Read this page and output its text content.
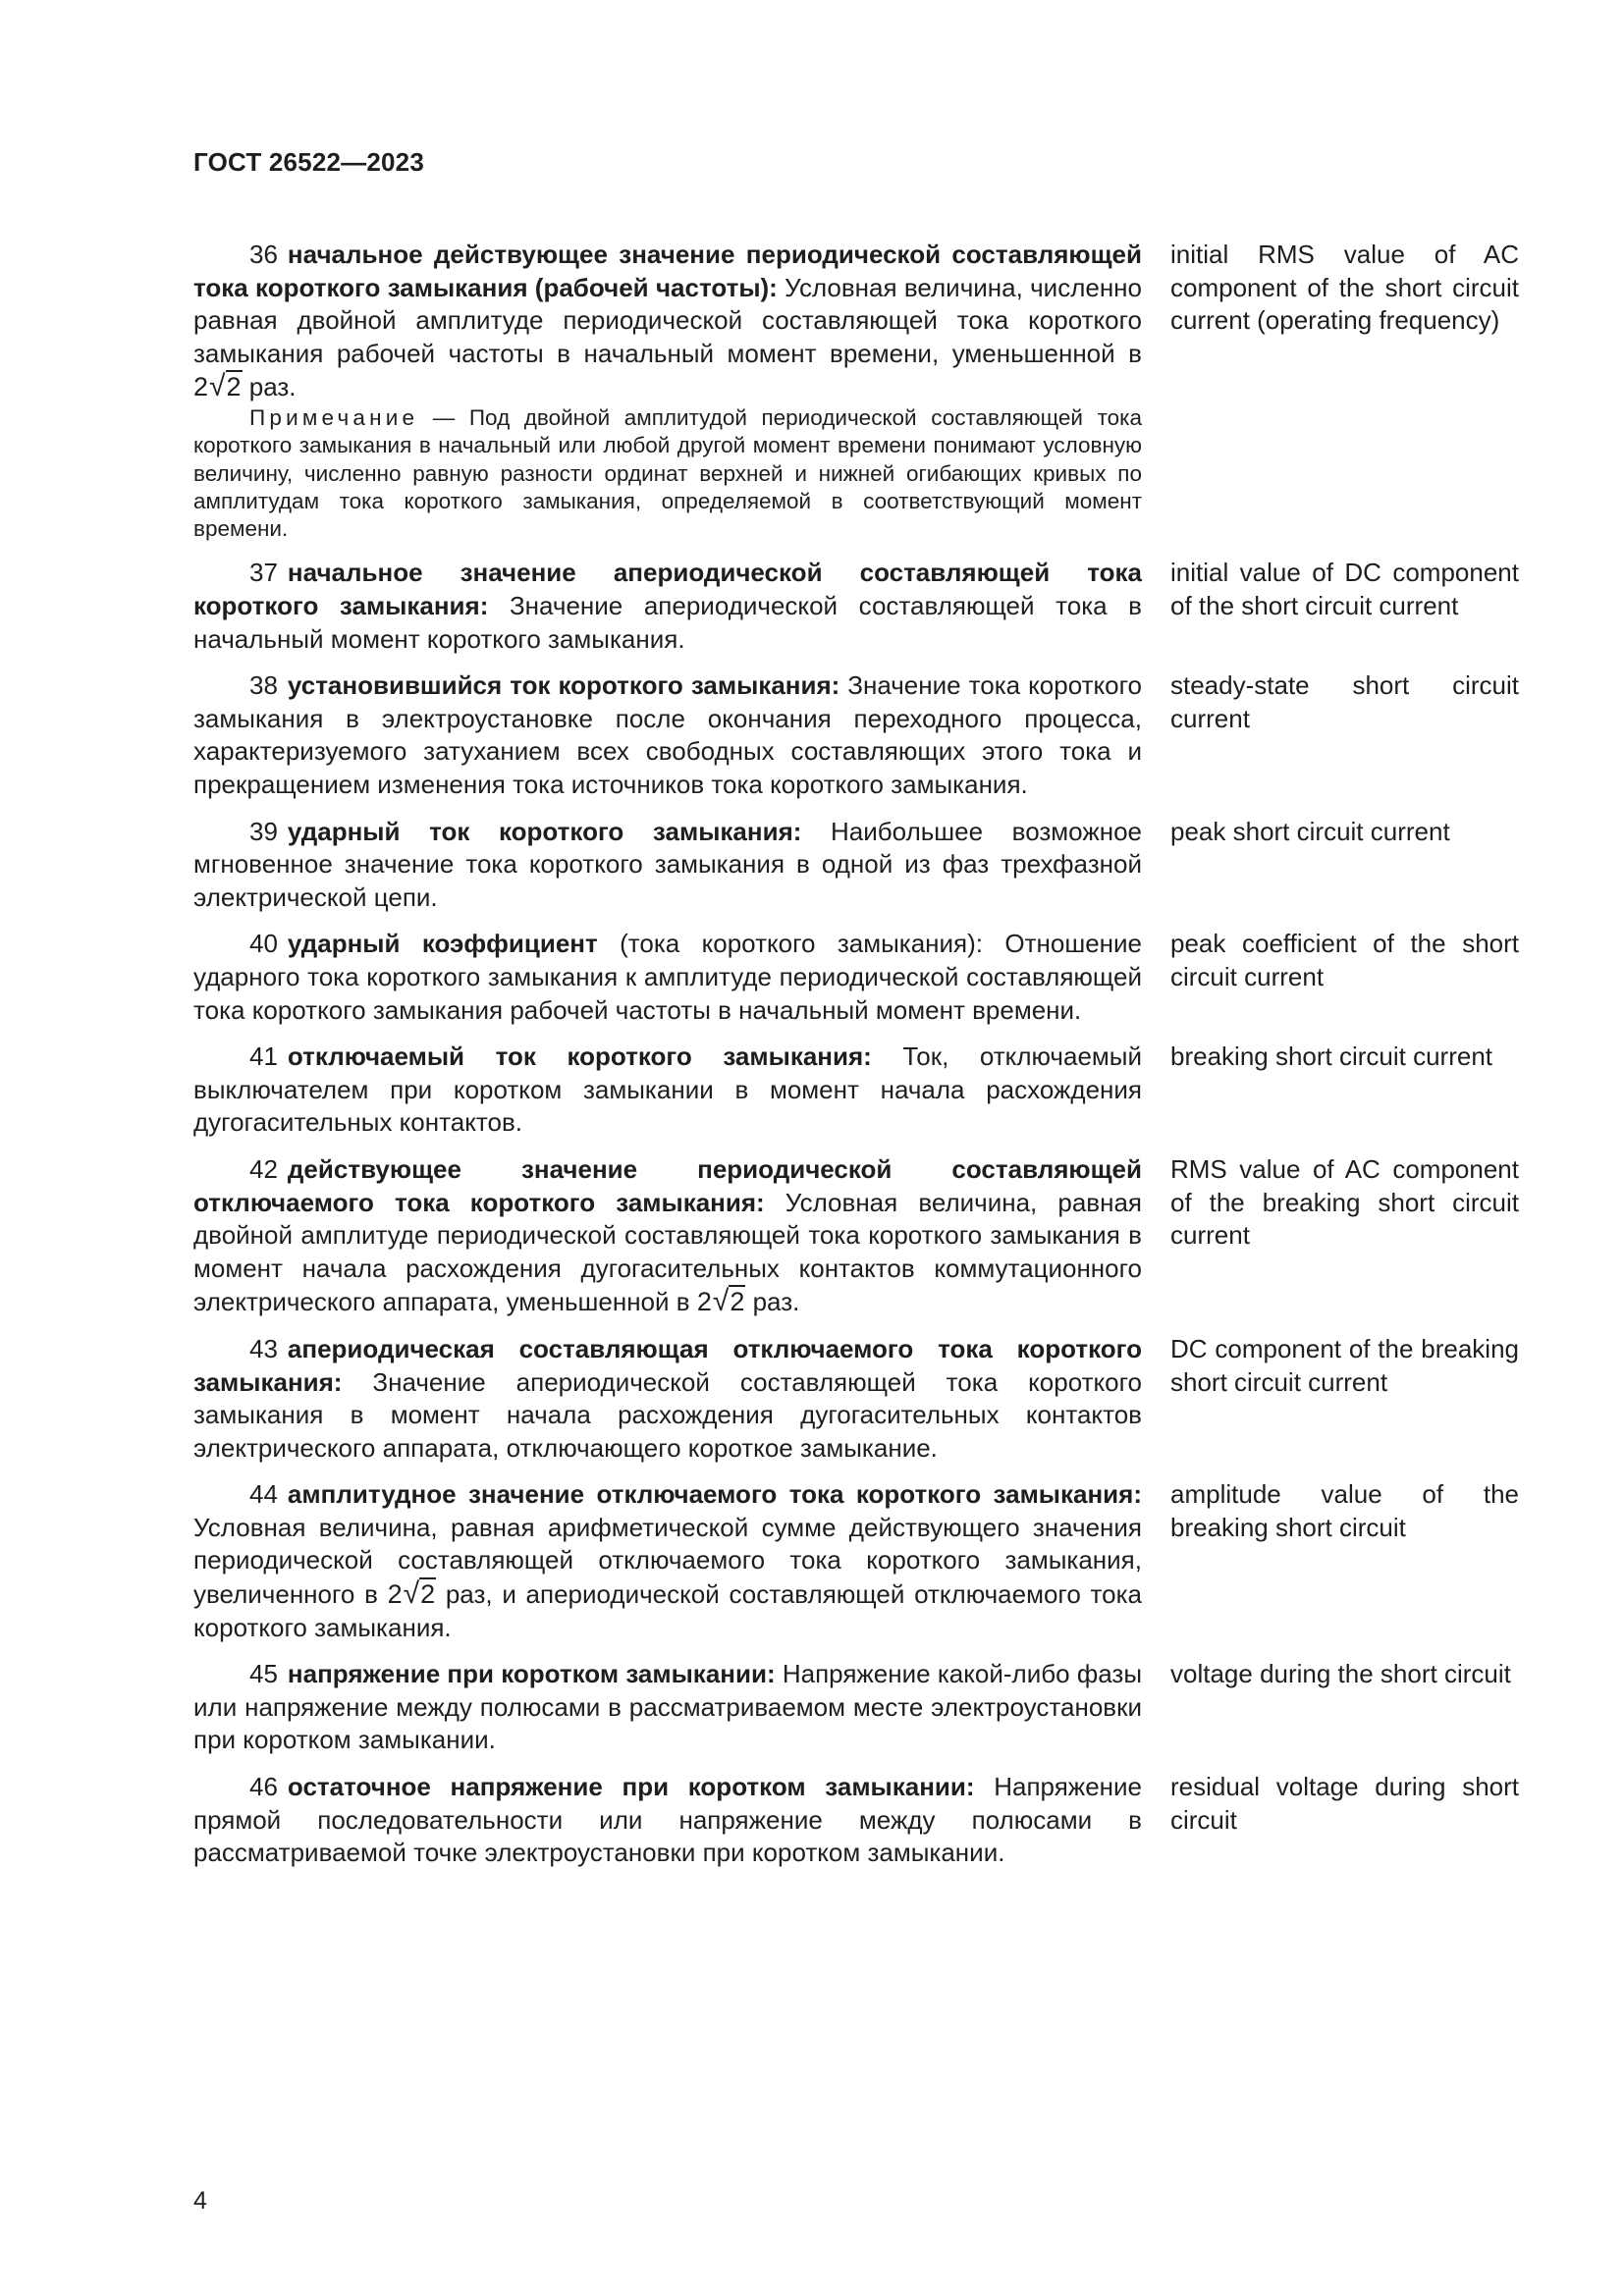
ГОСТ 26522—2023

36 начальное действующее значение периодической составляющей тока короткого замыкания (рабочей частоты): Условная величина, численно равная двойной амплитуде периодической составляющей тока короткого замыкания рабочей частоты в начальный момент времени, уменьшенной в 2√2 раз.

Примечание — Под двойной амплитудой периодической составляющей тока короткого замыкания в начальный или любой другой момент времени понимают условную величину, численно равную разности ординат верхней и нижней огибающих кривых по амплитудам тока короткого замыкания, определяемой в соответствующий момент времени.

initial RMS value of AC component of the short circuit current (operating frequency)

37 начальное значение апериодической составляющей тока короткого замыкания: Значение апериодической составляющей тока в начальный момент короткого замыкания.

initial value of DC component of the short circuit current

38 установившийся ток короткого замыкания: Значение тока короткого замыкания в электроустановке после окончания переходного процесса, характеризуемого затуханием всех свободных составляющих этого тока и прекращением изменения тока источников тока короткого замыкания.

steady-state short circuit current

39 ударный ток короткого замыкания: Наибольшее возможное мгновенное значение тока короткого замыкания в одной из фаз трехфазной электрической цепи.

peak short circuit current

40 ударный коэффициент (тока короткого замыкания): Отношение ударного тока короткого замыкания к амплитуде периодической составляющей тока короткого замыкания рабочей частоты в начальный момент времени.

peak coefficient of the short circuit current

41 отключаемый ток короткого замыкания: Ток, отключаемый выключателем при коротком замыкании в момент начала расхождения дугогасительных контактов.

breaking short circuit current

42 действующее значение периодической составляющей отключаемого тока короткого замыкания: Условная величина, равная двойной амплитуде периодической составляющей тока короткого замыкания в момент начала расхождения дугогасительных контактов коммутационного электрического аппарата, уменьшенной в 2√2 раз.

RMS value of AC component of the breaking short circuit current

43 апериодическая составляющая отключаемого тока короткого замыкания: Значение апериодической составляющей тока короткого замыкания в момент начала расхождения дугогасительных контактов электрического аппарата, отключающего короткое замыкание.

DC component of the breaking short circuit current

44 амплитудное значение отключаемого тока короткого замыкания: Условная величина, равная арифметической сумме действующего значения периодической составляющей отключаемого тока короткого замыкания, увеличенного в 2√2 раз, и апериодической составляющей отключаемого тока короткого замыкания.

amplitude value of the breaking short circuit

45 напряжение при коротком замыкании: Напряжение какой-либо фазы или напряжение между полюсами в рассматриваемом месте электроустановки при коротком замыкании.

voltage during the short circuit

46 остаточное напряжение при коротком замыкании: Напряжение прямой последовательности или напряжение между полюсами в рассматриваемой точке электроустановки при коротком замыкании.

residual voltage during short circuit
4
